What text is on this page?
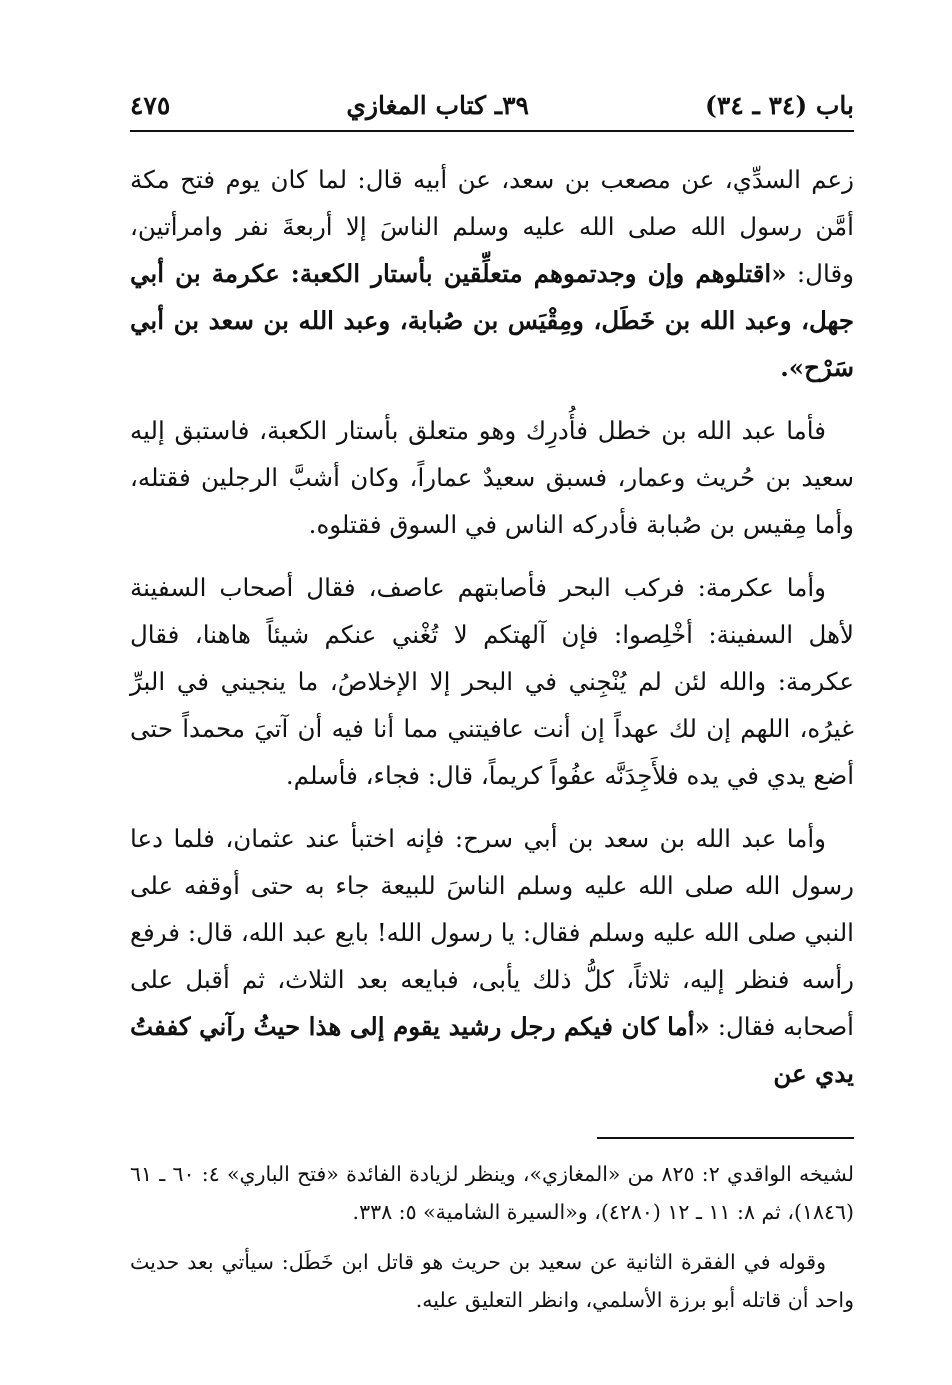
باب (٣٤ ـ ٣٤)
٣٩ـ كتاب المغازي
٤٧٥

زعم السدِّي، عن مصعب بن سعد، عن أبيه قال: لما كان يوم فتح مكة أمَّن رسول الله صلى الله عليه وسلم الناسَ إلا أربعةَ نفر وامرأتين، وقال: «اقتلوهم وإن وجدتموهم متعلِّقين بأستار الكعبة: عكرمة بن أبي جهل، وعبد الله بن خَطَل، ومِقْيَس بن صُبابة، وعبد الله بن سعد بن أبي سَرْح».

فأما عبد الله بن خطل فأُدرِك وهو متعلق بأستار الكعبة، فاستبق إليه سعيد بن حُريث وعمار، فسبق سعيدٌ عماراً، وكان أشبَّ الرجلين فقتله، وأما مِقيس بن صُبابة فأدركه الناس في السوق فقتلوه.

وأما عكرمة: فركب البحر فأصابتهم عاصف، فقال أصحاب السفينة لأهل السفينة: أخْلِصوا: فإن آلهتكم لا تُغْني عنكم شيئاً هاهنا، فقال عكرمة: والله لئن لم يُنْجِني في البحر إلا الإخلاصُ، ما ينجيني في البرِّ غيرُه، اللهم إن لك عهداً إن أنت عافيتني مما أنا فيه أن آتيَ محمداً حتى أضع يدي في يده فلأَجِدَنَّه عفُواً كريماً، قال: فجاء، فأسلم.

وأما عبد الله بن سعد بن أبي سرح: فإنه اختبأ عند عثمان، فلما دعا رسول الله صلى الله عليه وسلم الناسَ للبيعة جاء به حتى أوقفه على النبي صلى الله عليه وسلم فقال: يا رسول الله! بايع عبد الله، قال: فرفع رأسه فنظر إليه، ثلاثاً، كلُّ ذلك يأبى، فبايعه بعد الثلاث، ثم أقبل على أصحابه فقال: «أما كان فيكم رجل رشيد يقوم إلى هذا حيثُ رآني كففتُ يدي عن

لشيخه الواقدي ٢: ٨٢٥ من «المغازي»، وينظر لزيادة الفائدة «فتح الباري» ٤: ٦٠ ـ ٦١ (١٨٤٦)، ثم ٨: ١١ ـ ١٢ (٤٢٨٠)، و«السيرة الشامية» ٥: ٣٣٨.

وقوله في الفقرة الثانية عن سعيد بن حريث هو قاتل ابن خَطَل: سيأتي بعد حديث واحد أن قاتله أبو برزة الأسلمي، وانظر التعليق عليه.
